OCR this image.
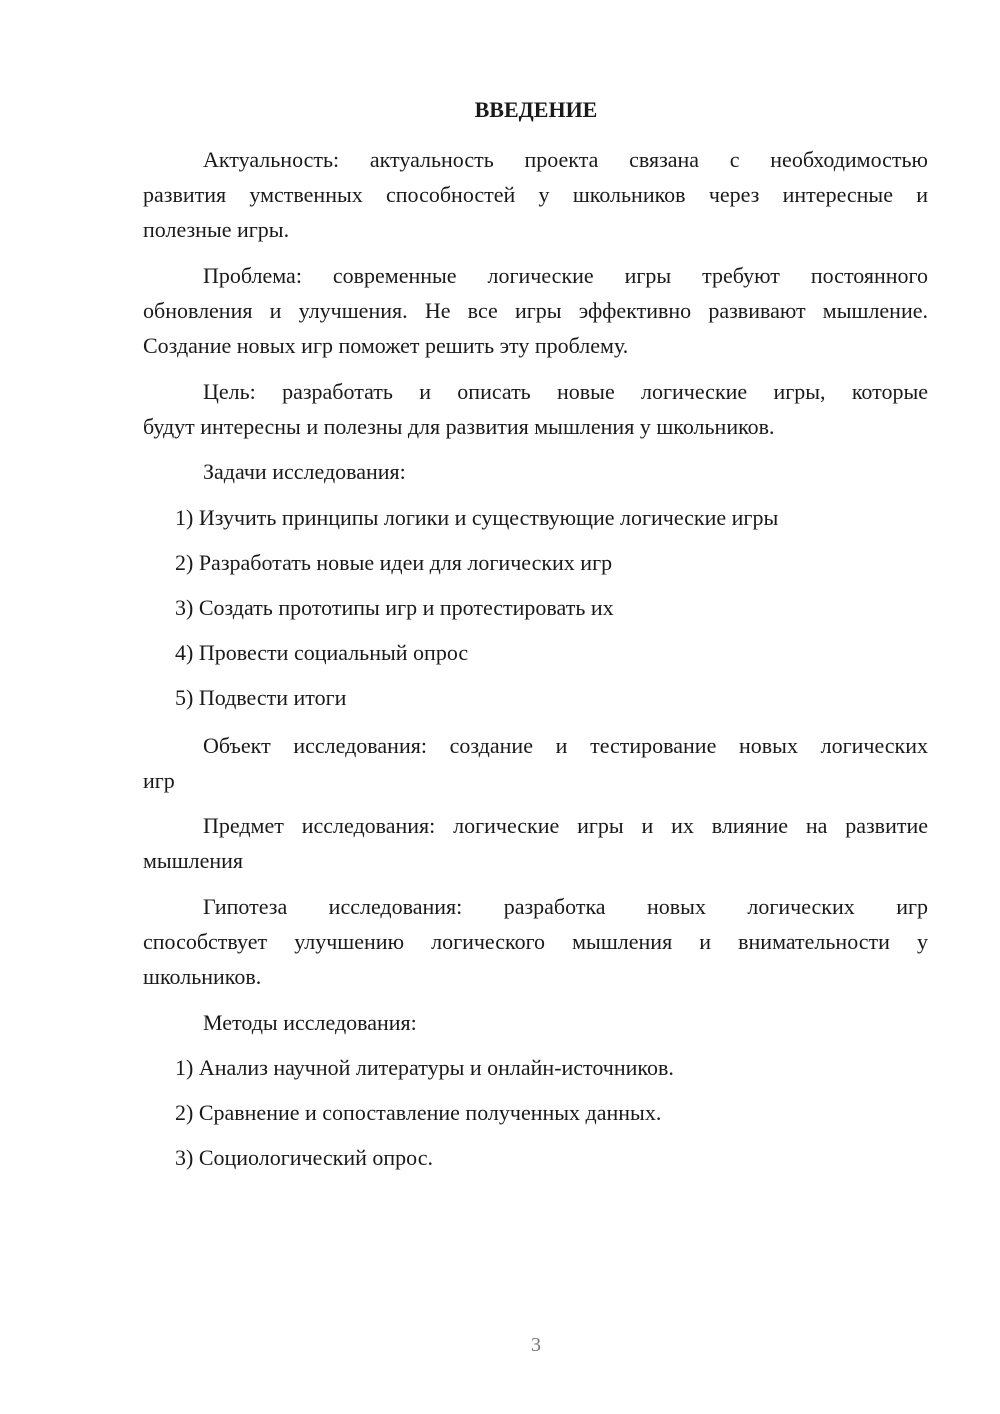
ВВЕДЕНИЕ
Актуальность: актуальность проекта связана с необходимостью
развития умственных способностей у школьников через интересные и
полезные игры.
Проблема: современные логические игры требуют постоянного
обновления и улучшения. Не все игры эффективно развивают мышление.
Создание новых игр поможет решить эту проблему.
Цель: разработать и описать новые логические игры, которые
будут интересны и полезны для развития мышления у школьников.
Задачи исследования:
1) Изучить принципы логики и существующие логические игры
2) Разработать новые идеи для логических игр
3) Создать прототипы игр и протестировать их
4) Провести социальный опрос
5) Подвести итоги
Объект исследования: создание и тестирование новых логических
игр
Предмет исследования: логические игры и их влияние на развитие
мышления
Гипотеза исследования: разработка новых логических игр
способствует улучшению логического мышления и внимательности у
школьников.
Методы исследования:
1) Анализ научной литературы и онлайн-источников.
2) Сравнение и сопоставление полученных данных.
3) Социологический опрос.
3
